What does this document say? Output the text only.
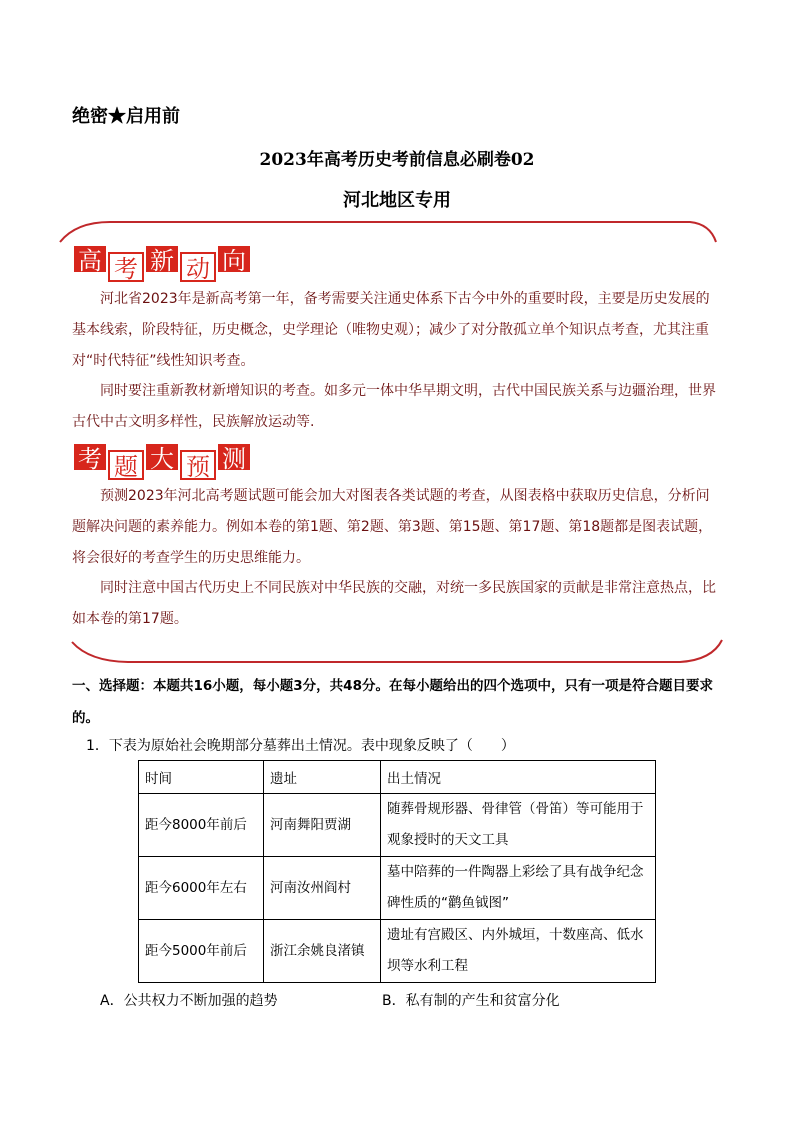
绝密★启用前
2023年高考历史考前信息必刷卷02
河北地区专用
高 考 新 动 向

河北省2023年是新高考第一年，备考需要关注通史体系下古今中外的重要时段，主要是历史发展的基本线索，阶段特征，历史概念，史学理论（唯物史观）；减少了对分散孤立单个知识点考查，尤其注重对“时代特征”线性知识考查。

同时要注重新教材新增知识的考查。如多元一体中华早期文明，古代中国民族关系与边疆治理，世界古代中古文明多样性，民族解放运动等.

考 题 大 预 测

预测2023年河北高考题试题可能会加大对图表各类试题的考查，从图表格中获取历史信息，分析问题解决问题的素养能力。例如本卷的第1题、第2题、第3题、第15题、第17题、第18题都是图表试题，将会很好的考查学生的历史思维能力。

同时注意中国古代历史上不同民族对中华民族的交融，对统一多民族国家的贡献是非常注意热点，比如本卷的第17题。

一、选择题：本题共16小题，每小题3分，共48分。在每小题给出的四个选项中，只有一项是符合题目要求的。

1．下表为原始社会晚期部分墓葬出土情况。表中现象反映了（　　）
时间	遗址	出土情况
距今8000年前后	河南舞阳贾湖	随葬骨规形器、骨律管（骨笛）等可能用于观象授时的天文工具
距今6000年左右	河南汝州阎村	墓中陪葬的一件陶器上彩绘了具有战争纪念碑性质的“鹳鱼钺图”
距今5000年前后	浙江余姚良渚镇	遗址有宫殿区、内外城垣，十数座高、低水坝等水利工程
A．公共权力不断加强的趋势	B．私有制的产生和贫富分化
